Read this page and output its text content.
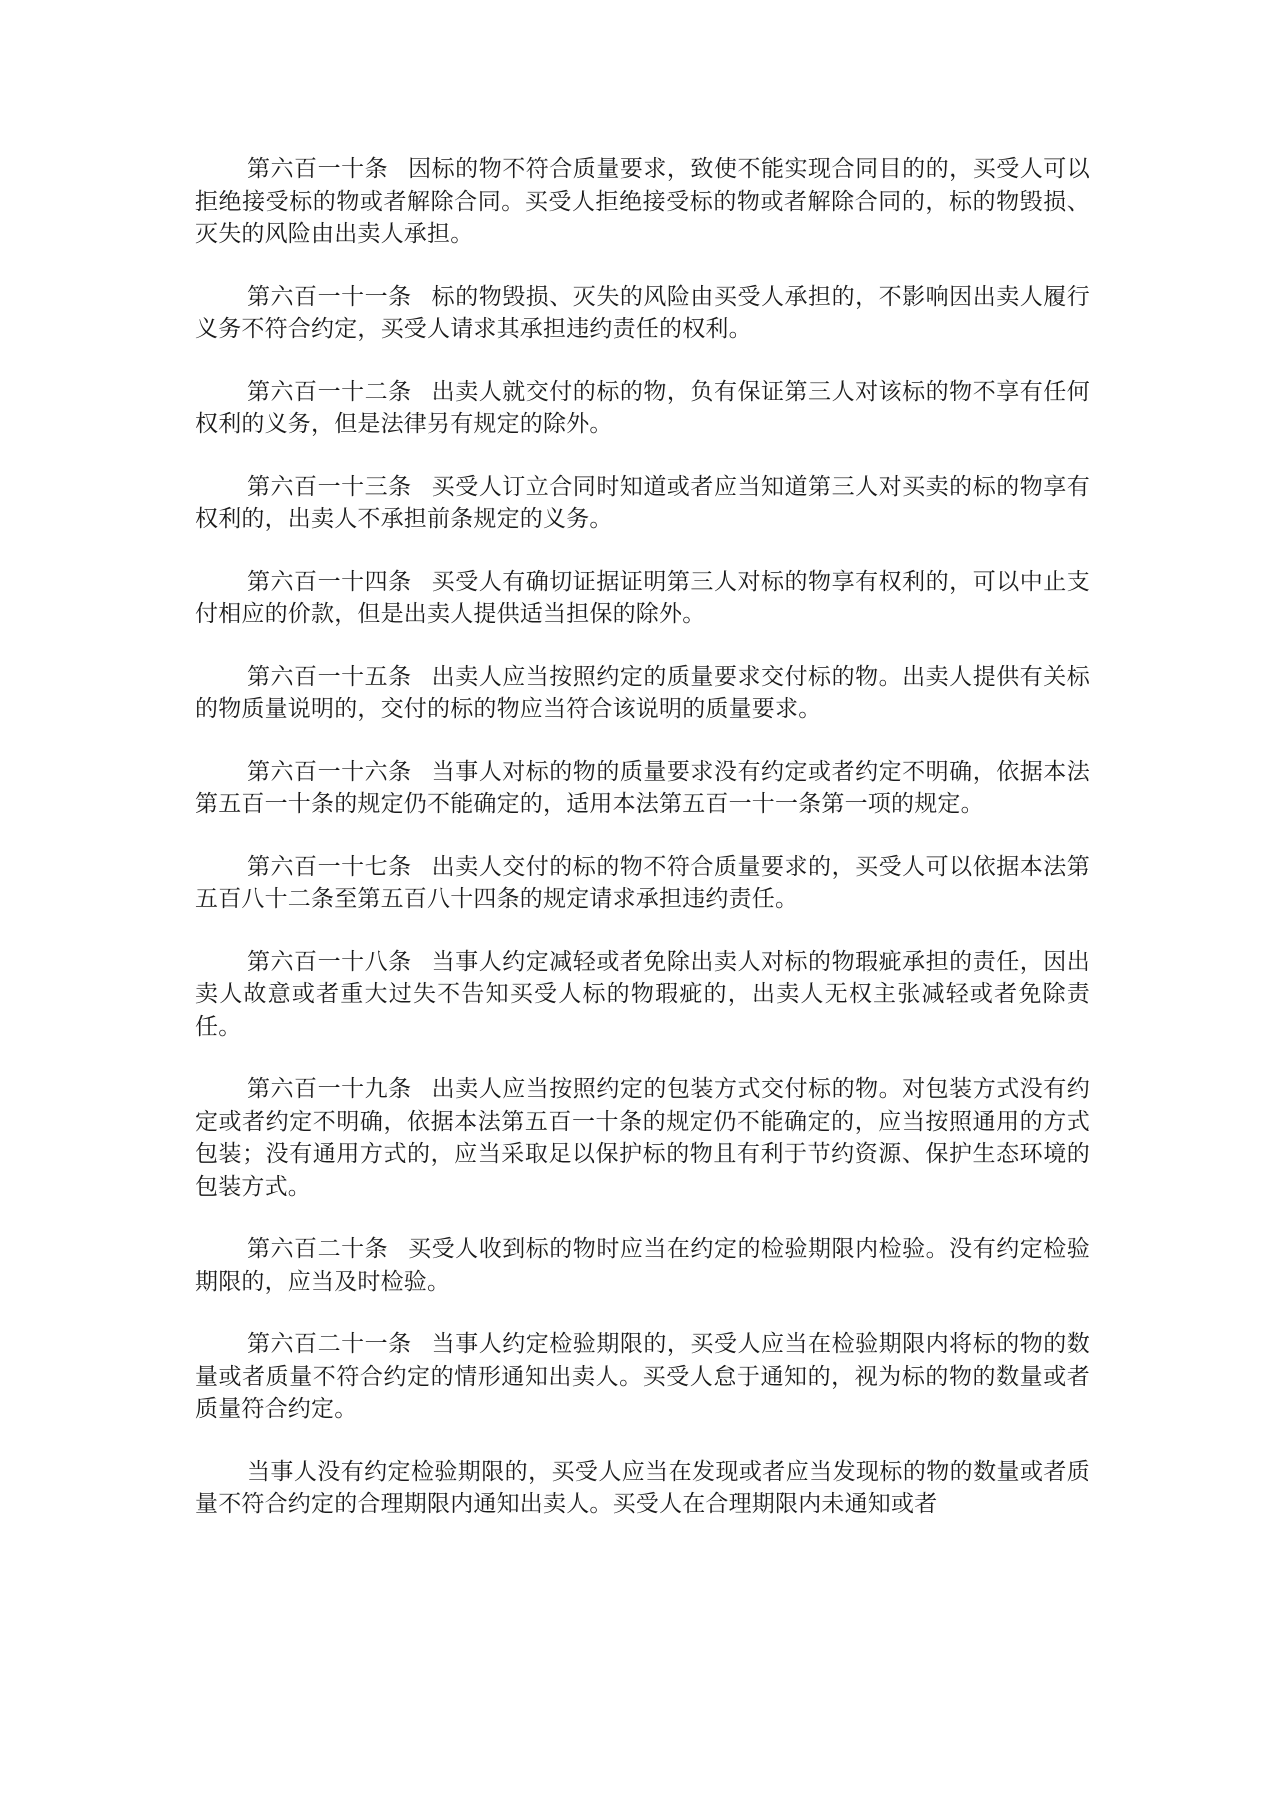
第六百一十条 因标的物不符合质量要求，致使不能实现合同目的的，买受人可以拒绝接受标的物或者解除合同。买受人拒绝接受标的物或者解除合同的，标的物毁损、灭失的风险由出卖人承担。

第六百一十一条 标的物毁损、灭失的风险由买受人承担的，不影响因出卖人履行义务不符合约定，买受人请求其承担违约责任的权利。

第六百一十二条 出卖人就交付的标的物，负有保证第三人对该标的物不享有任何权利的义务，但是法律另有规定的除外。

第六百一十三条 买受人订立合同时知道或者应当知道第三人对买卖的标的物享有权利的，出卖人不承担前条规定的义务。

第六百一十四条 买受人有确切证据证明第三人对标的物享有权利的，可以中止支付相应的价款，但是出卖人提供适当担保的除外。

第六百一十五条 出卖人应当按照约定的质量要求交付标的物。出卖人提供有关标的物质量说明的，交付的标的物应当符合该说明的质量要求。

第六百一十六条 当事人对标的物的质量要求没有约定或者约定不明确，依据本法第五百一十条的规定仍不能确定的，适用本法第五百一十一条第一项的规定。

第六百一十七条 出卖人交付的标的物不符合质量要求的，买受人可以依据本法第五百八十二条至第五百八十四条的规定请求承担违约责任。

第六百一十八条 当事人约定减轻或者免除出卖人对标的物瑕疵承担的责任，因出卖人故意或者重大过失不告知买受人标的物瑕疵的，出卖人无权主张减轻或者免除责任。

第六百一十九条 出卖人应当按照约定的包装方式交付标的物。对包装方式没有约定或者约定不明确，依据本法第五百一十条的规定仍不能确定的，应当按照通用的方式包装；没有通用方式的，应当采取足以保护标的物且有利于节约资源、保护生态环境的包装方式。

第六百二十条 买受人收到标的物时应当在约定的检验期限内检验。没有约定检验期限的，应当及时检验。

第六百二十一条 当事人约定检验期限的，买受人应当在检验期限内将标的物的数量或者质量不符合约定的情形通知出卖人。买受人怠于通知的，视为标的物的数量或者质量符合约定。

当事人没有约定检验期限的，买受人应当在发现或者应当发现标的物的数量或者质量不符合约定的合理期限内通知出卖人。买受人在合理期限内未通知或者
